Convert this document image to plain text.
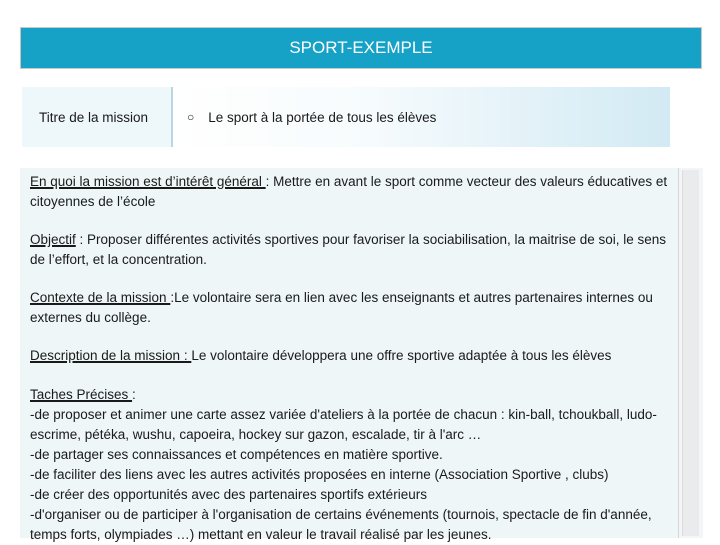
SPORT-EXEMPLE
Titre de la mission	○ Le sport à la portée de tous les élèves

En quoi la mission est d’intérêt général : Mettre en avant le sport comme vecteur des valeurs éducatives et citoyennes de l’école

Objectif : Proposer différentes activités sportives pour favoriser la sociabilisation, la maitrise de soi, le sens de l’effort, et la concentration.

Contexte de la mission :Le volontaire sera en lien avec les enseignants et autres partenaires internes ou externes du collège.

Description de la mission : Le volontaire développera une offre sportive adaptée à tous les élèves

Taches Précises :
-de proposer et animer une carte assez variée d'ateliers à la portée de chacun : kin-ball, tchoukball, ludo-escrime, pétéka, wushu, capoeira, hockey sur gazon, escalade, tir à l'arc …
-de partager ses connaissances et compétences en matière sportive.
-de faciliter des liens avec les autres activités proposées en interne (Association Sportive , clubs)
-de créer des opportunités avec des partenaires sportifs extérieurs
-d'organiser ou de participer à l'organisation de certains événements (tournois, spectacle de fin d'année, temps forts, olympiades …) mettant en valeur le travail réalisé par les jeunes.
